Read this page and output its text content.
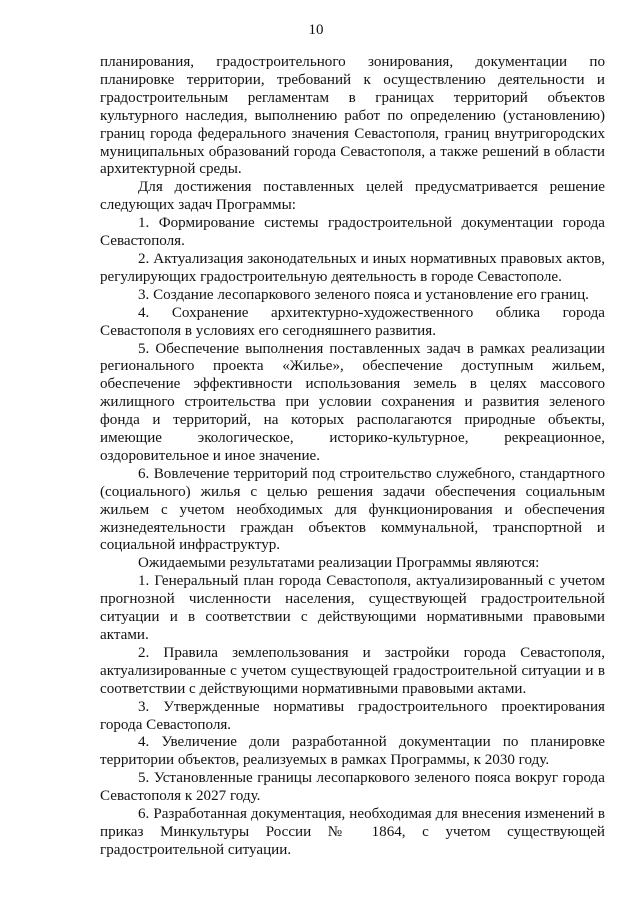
10

планирования, градостроительного зонирования, документации по планировке территории, требований к осуществлению деятельности и градостроительным регламентам в границах территорий объектов культурного наследия, выполнению работ по определению (установлению) границ города федерального значения Севастополя, границ внутригородских муниципальных образований города Севастополя, а также решений в области архитектурной среды.

Для достижения поставленных целей предусматривается решение следующих задач Программы:

1. Формирование системы градостроительной документации города Севастополя.

2. Актуализация законодательных и иных нормативных правовых актов, регулирующих градостроительную деятельность в городе Севастополе.

3. Создание лесопаркового зеленого пояса и установление его границ.

4. Сохранение архитектурно-художественного облика города Севастополя в условиях его сегодняшнего развития.

5. Обеспечение выполнения поставленных задач в рамках реализации регионального проекта «Жилье», обеспечение доступным жильем, обеспечение эффективности использования земель в целях массового жилищного строительства при условии сохранения и развития зеленого фонда и территорий, на которых располагаются природные объекты, имеющие экологическое, историко-культурное, рекреационное, оздоровительное и иное значение.

6. Вовлечение территорий под строительство служебного, стандартного (социального) жилья с целью решения задачи обеспечения социальным жильем с учетом необходимых для функционирования и обеспечения жизнедеятельности граждан объектов коммунальной, транспортной и социальной инфраструктур.

Ожидаемыми результатами реализации Программы являются:

1. Генеральный план города Севастополя, актуализированный с учетом прогнозной численности населения, существующей градостроительной ситуации и в соответствии с действующими нормативными правовыми актами.

2. Правила землепользования и застройки города Севастополя, актуализированные с учетом существующей градостроительной ситуации и в соответствии с действующими нормативными правовыми актами.

3. Утвержденные нормативы градостроительного проектирования города Севастополя.

4. Увеличение доли разработанной документации по планировке территории объектов, реализуемых в рамках Программы, к 2030 году.

5. Установленные границы лесопаркового зеленого пояса вокруг города Севастополя к 2027 году.

6. Разработанная документация, необходимая для внесения изменений в приказ Минкультуры России № 1864, с учетом существующей градостроительной ситуации.
